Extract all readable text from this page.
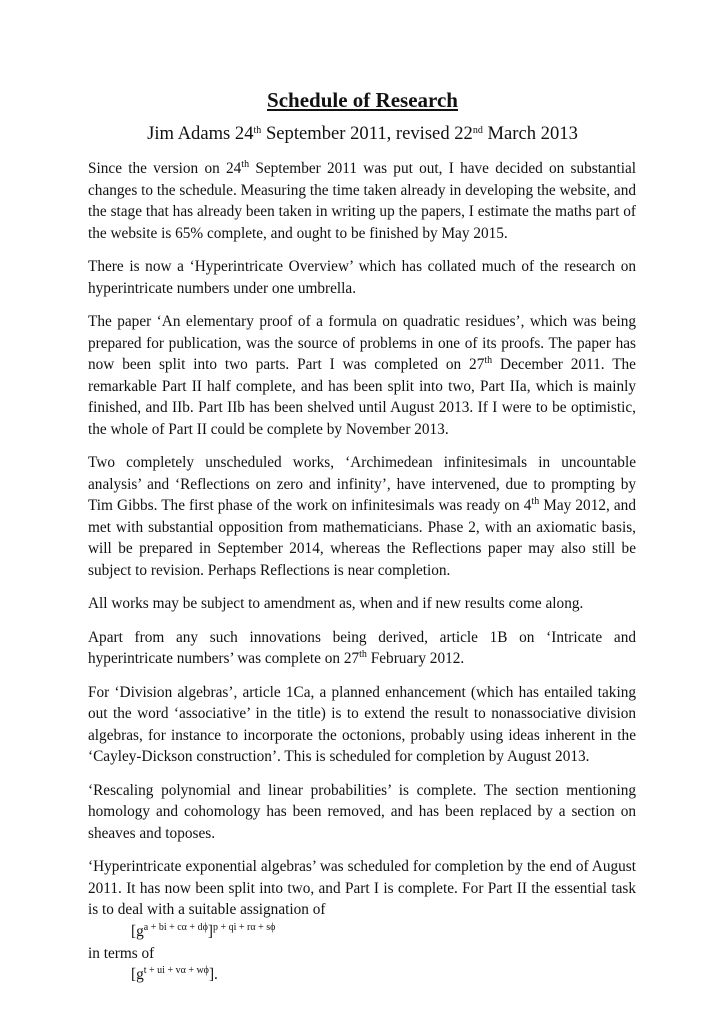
Schedule of Research
Jim Adams 24th September 2011, revised 22nd March 2013

Since the version on 24th September 2011 was put out, I have decided on substantial changes to the schedule. Measuring the time taken already in developing the website, and the stage that has already been taken in writing up the papers, I estimate the maths part of the website is 65% complete, and ought to be finished by May 2015.

There is now a ‘Hyperintricate Overview’ which has collated much of the research on hyperintricate numbers under one umbrella.

The paper ‘An elementary proof of a formula on quadratic residues’, which was being prepared for publication, was the source of problems in one of its proofs. The paper has now been split into two parts. Part I was completed on 27th December 2011. The remarkable Part II half complete, and has been split into two, Part IIa, which is mainly finished, and IIb. Part IIb has been shelved until August 2013. If I were to be optimistic, the whole of Part II could be complete by November 2013.

Two completely unscheduled works, ‘Archimedean infinitesimals in uncountable analysis’ and ‘Reflections on zero and infinity’, have intervened, due to prompting by Tim Gibbs. The first phase of the work on infinitesimals was ready on 4th May 2012, and met with substantial opposition from mathematicians. Phase 2, with an axiomatic basis, will be prepared in September 2014, whereas the Reflections paper may also still be subject to revision. Perhaps Reflections is near completion.

All works may be subject to amendment as, when and if new results come along.

Apart from any such innovations being derived, article 1B on ‘Intricate and hyperintricate numbers’ was complete on 27th February 2012.

For ‘Division algebras’, article 1Ca, a planned enhancement (which has entailed taking out the word ‘associative’ in the title) is to extend the result to nonassociative division algebras, for instance to incorporate the octonions, probably using ideas inherent in the ‘Cayley-Dickson construction’. This is scheduled for completion by August 2013.

‘Rescaling polynomial and linear probabilities’ is complete. The section mentioning homology and cohomology has been removed, and has been replaced by a section on sheaves and toposes.

‘Hyperintricate exponential algebras’ was scheduled for completion by the end of August 2011. It has now been split into two, and Part I is complete. For Part II the essential task is to deal with a suitable assignation of

$[g^{a + bi + c\alpha + d\phi}]^{p + qi + r\alpha + s\phi}$
in terms of
$[g^{t + ui + v\alpha + w\phi}]$.
